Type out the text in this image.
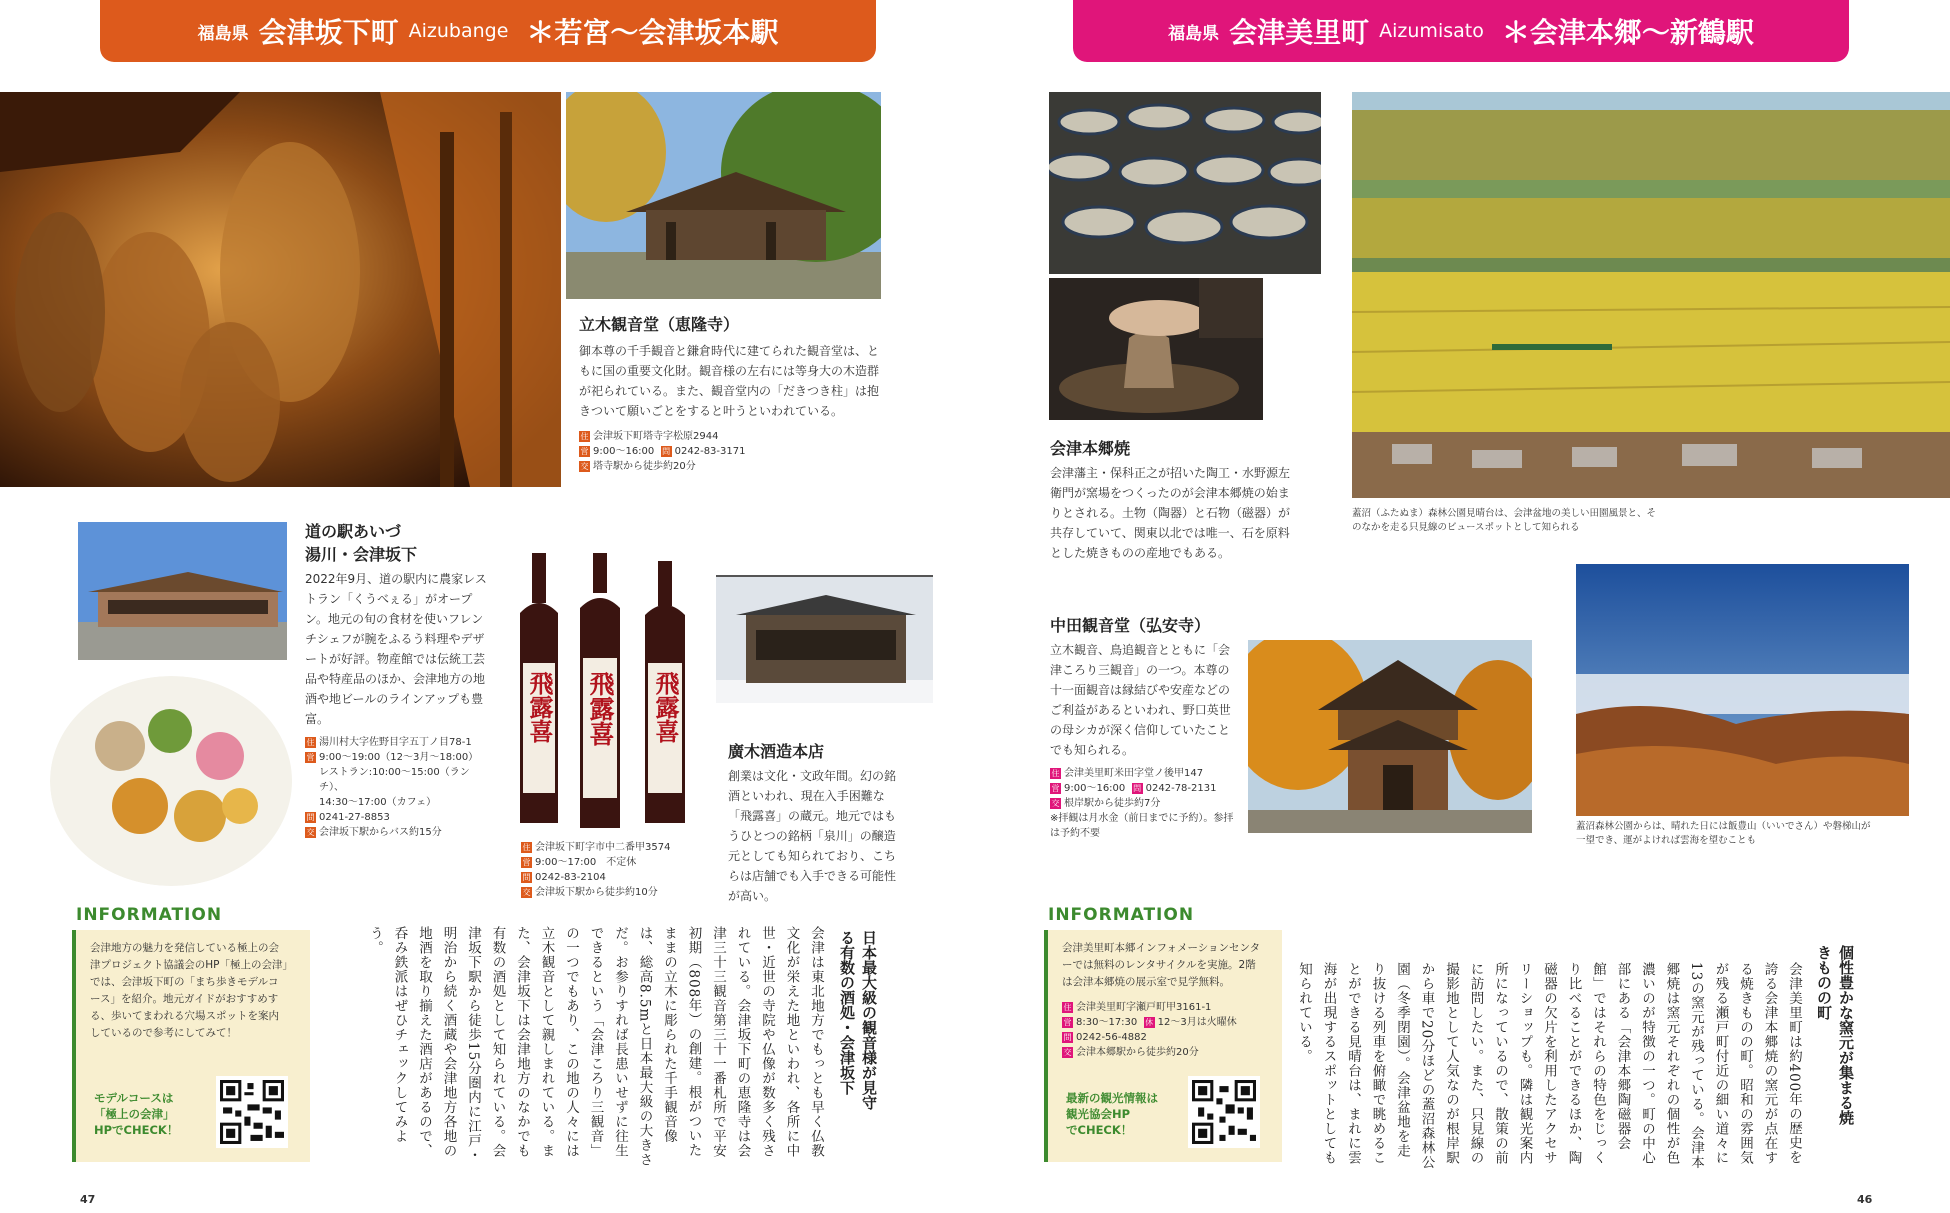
福島県 会津坂下町 Aizubange ＊若宮〜会津坂本駅
立木観音堂（恵隆寺）
御本尊の千手観音と鎌倉時代に建てられた観音堂は、ともに国の重要文化財。観音様の左右には等身大の木造群が祀られている。また、観音堂内の「だきつき柱」は抱きついて願いごとをすると叶うといわれている。
住 会津坂下町塔寺字松原2944
営 9:00〜16:00
問 0242-83-3171
交 塔寺駅から徒歩約20分
道の駅あいづ
湯川・会津坂下
2022年9月、道の駅内に農家レストラン「くうべぇる」がオープン。地元の旬の食材を使いフレンチシェフが腕をふるう料理やデザートが好評。物産館では伝統工芸品や特産品のほか、会津地方の地酒や地ビールのラインアップも豊富。
住 湯川村大字佐野目字五丁ノ目78-1
営 9:00〜19:00（12〜3月〜18:00）
レストラン:10:00〜15:00（ランチ）、
14:30〜17:00（カフェ）
問 0241-27-8853
交 会津坂下駅からバス約15分
飛露喜 飛露喜 飛露喜
住 会津坂下町字市中二番甲3574
営 9:00〜17:00　不定休
問 0242-83-2104
交 会津坂下駅から徒歩約10分
廣木酒造本店
創業は文化・文政年間。幻の銘酒といわれ、現在入手困難な「飛露喜」の蔵元。地元ではもうひとつの銘柄「泉川」の醸造元としても知られており、こちらは店舗でも入手できる可能性が高い。
INFORMATION
会津地方の魅力を発信している極上の会津プロジェクト協議会のHP「極上の会津」では、会津坂下町の「まち歩きモデルコース」を紹介。地元ガイドがおすすめする、歩いてまわれる穴場スポットを案内しているので参考にしてみて！
モデルコースは
「極上の会津」
HPでCHECK！
日本最大級の観音様が見守る有数の酒処・会津坂下
会津は東北地方でもっとも早く仏教文化が栄えた地といわれ、各所に中世・近世の寺院や仏像が数多く残されている。会津坂下町の恵隆寺は会津三十三観音第三十一番札所で平安初期（808年）の創建。根がついたままの立木に彫られた千手観音像は、総高8.5mと日本最大級の大きさだ。お参りすれば長患いせずに往生できるという「会津ころり三観音」の一つでもあり、この地の人々には立木観音として親しまれている。また、会津坂下は会津地方のなかでも有数の酒処として知られている。会津坂下駅から徒歩15分圏内に江戸・明治から続く酒蔵や会津地方各地の地酒を取り揃えた酒店があるので、呑み鉄派はぜひチェックしてみよう。
47
福島県 会津美里町 Aizumisato ＊会津本郷〜新鶴駅
会津本郷焼
会津藩主・保科正之が招いた陶工・水野源左衛門が窯場をつくったのが会津本郷焼の始まりとされる。土物（陶器）と石物（磁器）が共存していて、関東以北では唯一、石を原料とした焼きものの産地でもある。
蓋沼（ふたぬま）森林公園見晴台は、会津盆地の美しい田園風景と、そのなかを走る只見線のビュースポットとして知られる
中田観音堂（弘安寺）
立木観音、鳥追観音とともに「会津ころり三観音」の一つ。本尊の十一面観音は縁結びや安産などのご利益があるといわれ、野口英世の母シカが深く信仰していたことでも知られる。
住 会津美里町米田字堂ノ後甲147
営 9:00〜16:00
問 0242-78-2131
交 根岸駅から徒歩約7分
※拝観は月水金（前日までに予約）。参拝は予約不要
蓋沼森林公園からは、晴れた日には飯豊山（いいでさん）や磐梯山が一望でき、運がよければ雲海を望むことも
INFORMATION
会津美里町本郷インフォメーションセンターでは無料のレンタサイクルを実施。2階は会津本郷焼の展示室で見学無料。
住 会津美里町字瀬戸町甲3161-1
営 8:30〜17:30
休 12〜3月は火曜休
問 0242-56-4882
交 会津本郷駅から徒歩約20分
最新の観光情報は
観光協会HP
でCHECK！
個性豊かな窯元が集まる焼きものの町
会津美里町は約400年の歴史を誇る会津本郷焼の窯元が点在する焼きものの町。昭和の雰囲気が残る瀬戸町付近の細い道々に13の窯元が残っている。会津本郷焼は窯元それぞれの個性が色濃いのが特徴の一つ。町の中心部にある「会津本郷陶磁器会館」ではそれらの特色をじっくり比べることができるほか、陶磁器の欠片を利用したアクセサリーショップも。隣は観光案内所になっているので、散策の前に訪問したい。また、只見線の撮影地として人気なのが根岸駅から車で20分ほどの蓋沼森林公園（冬季閉園）。会津盆地を走り抜ける列車を俯瞰で眺めることができる見晴台は、まれに雲海が出現するスポットとしても知られている。
46
